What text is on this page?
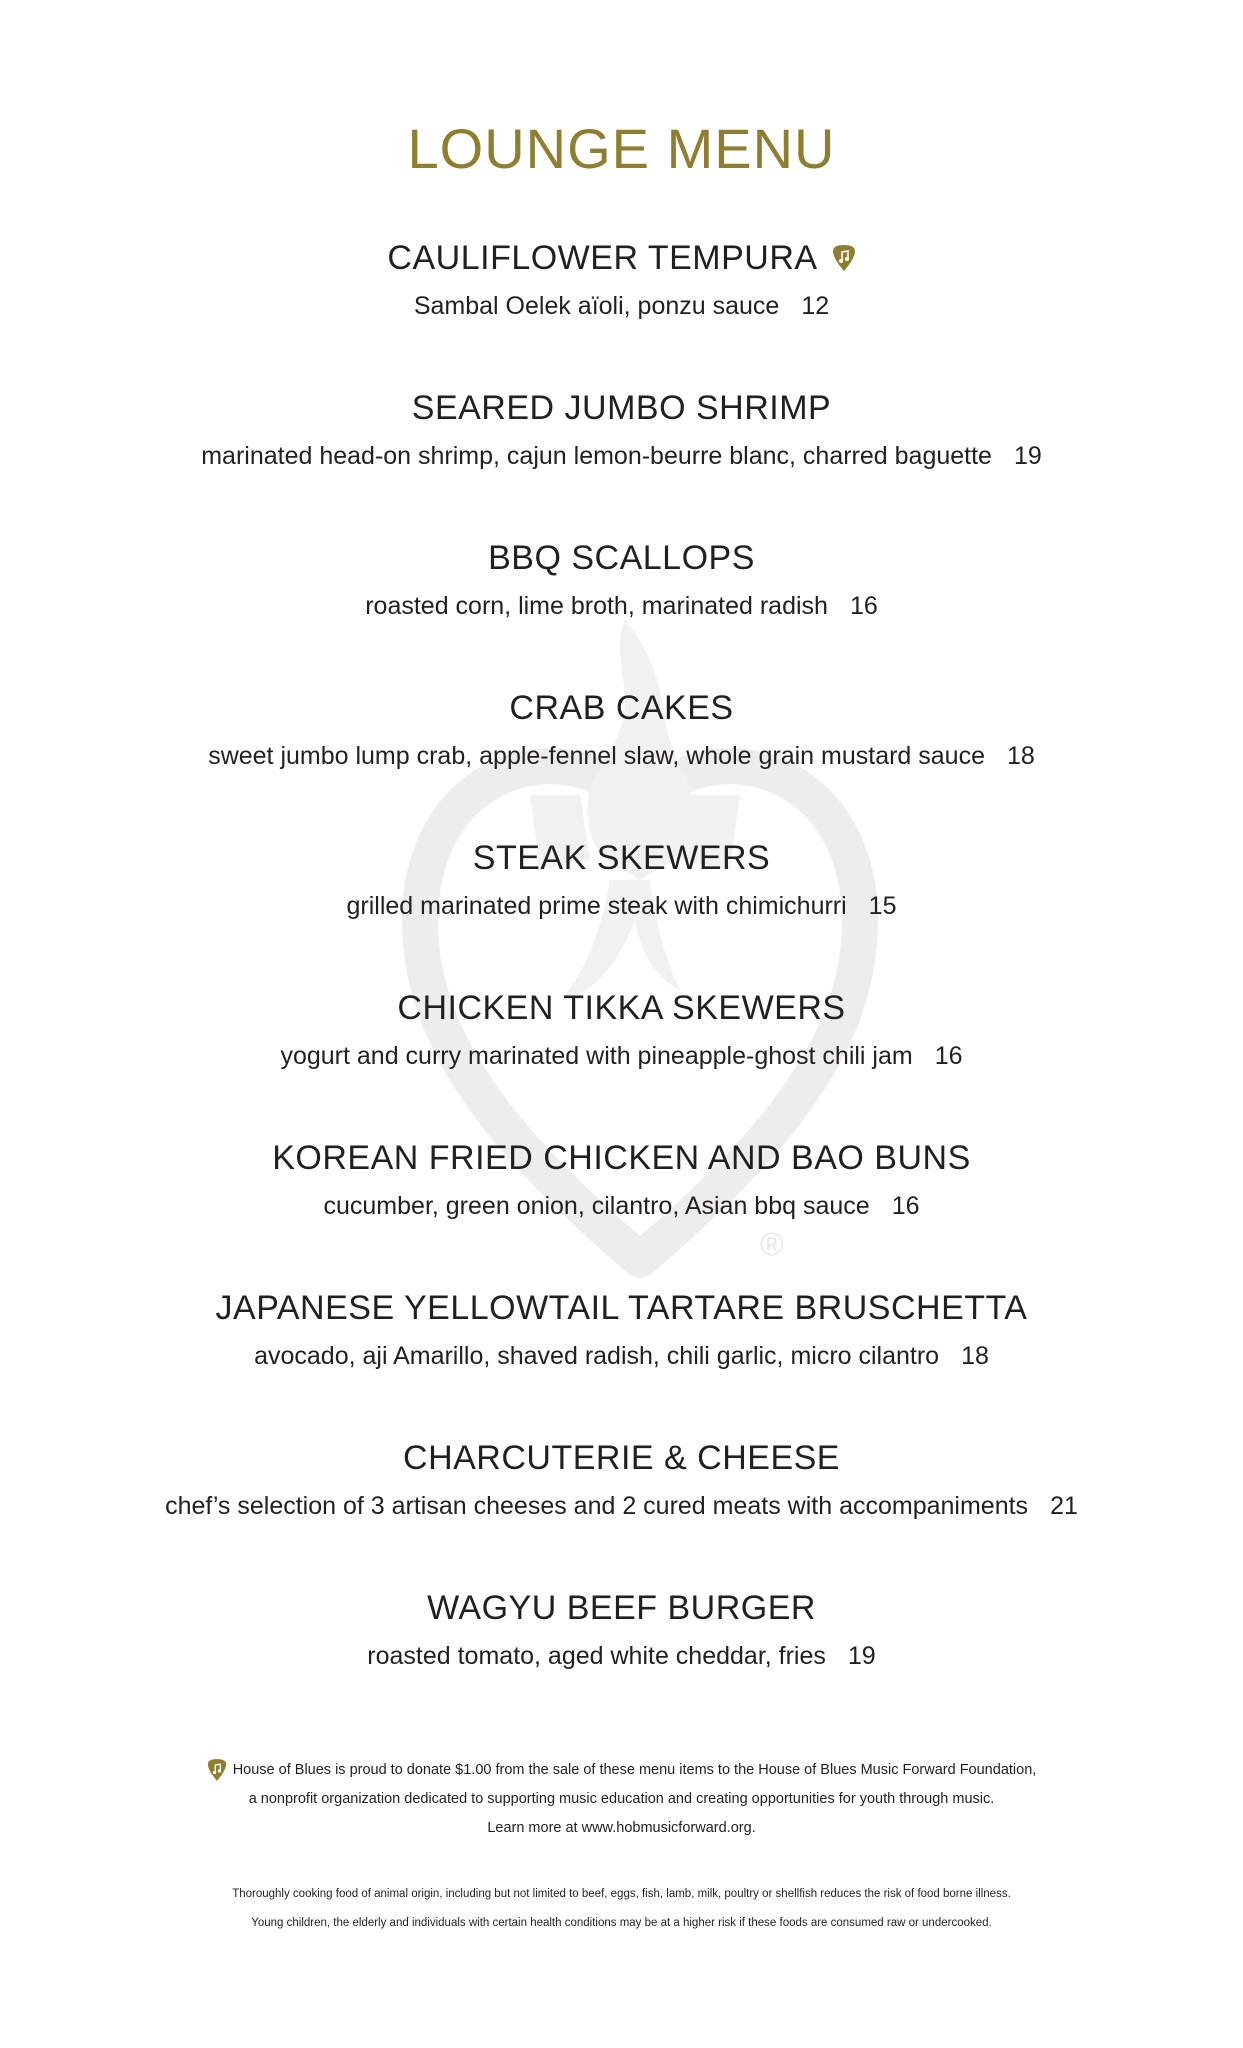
®
LOUNGE MENU
CAULIFLOWER TEMPURA
Sambal Oelek aïoli, ponzu sauce 12
SEARED JUMBO SHRIMP
marinated head-on shrimp, cajun lemon-beurre blanc, charred baguette 19
BBQ SCALLOPS
roasted corn, lime broth, marinated radish 16
CRAB CAKES
sweet jumbo lump crab, apple-fennel slaw, whole grain mustard sauce 18
STEAK SKEWERS
grilled marinated prime steak with chimichurri 15
CHICKEN TIKKA SKEWERS
yogurt and curry marinated with pineapple-ghost chili jam 16
KOREAN FRIED CHICKEN AND BAO BUNS
cucumber, green onion, cilantro, Asian bbq sauce 16
JAPANESE YELLOWTAIL TARTARE BRUSCHETTA
avocado, aji Amarillo, shaved radish, chili garlic, micro cilantro 18
CHARCUTERIE & CHEESE
chef’s selection of 3 artisan cheeses and 2 cured meats with accompaniments 21
WAGYU BEEF BURGER
roasted tomato, aged white cheddar, fries 19
House of Blues is proud to donate $1.00 from the sale of these menu items to the House of Blues Music Forward Foundation,
a nonprofit organization dedicated to supporting music education and creating opportunities for youth through music.
Learn more at www.hobmusicforward.org.
Thoroughly cooking food of animal origin, including but not limited to beef, eggs, fish, lamb, milk, poultry or shellfish reduces the risk of food borne illness.
Young children, the elderly and individuals with certain health conditions may be at a higher risk if these foods are consumed raw or undercooked.
